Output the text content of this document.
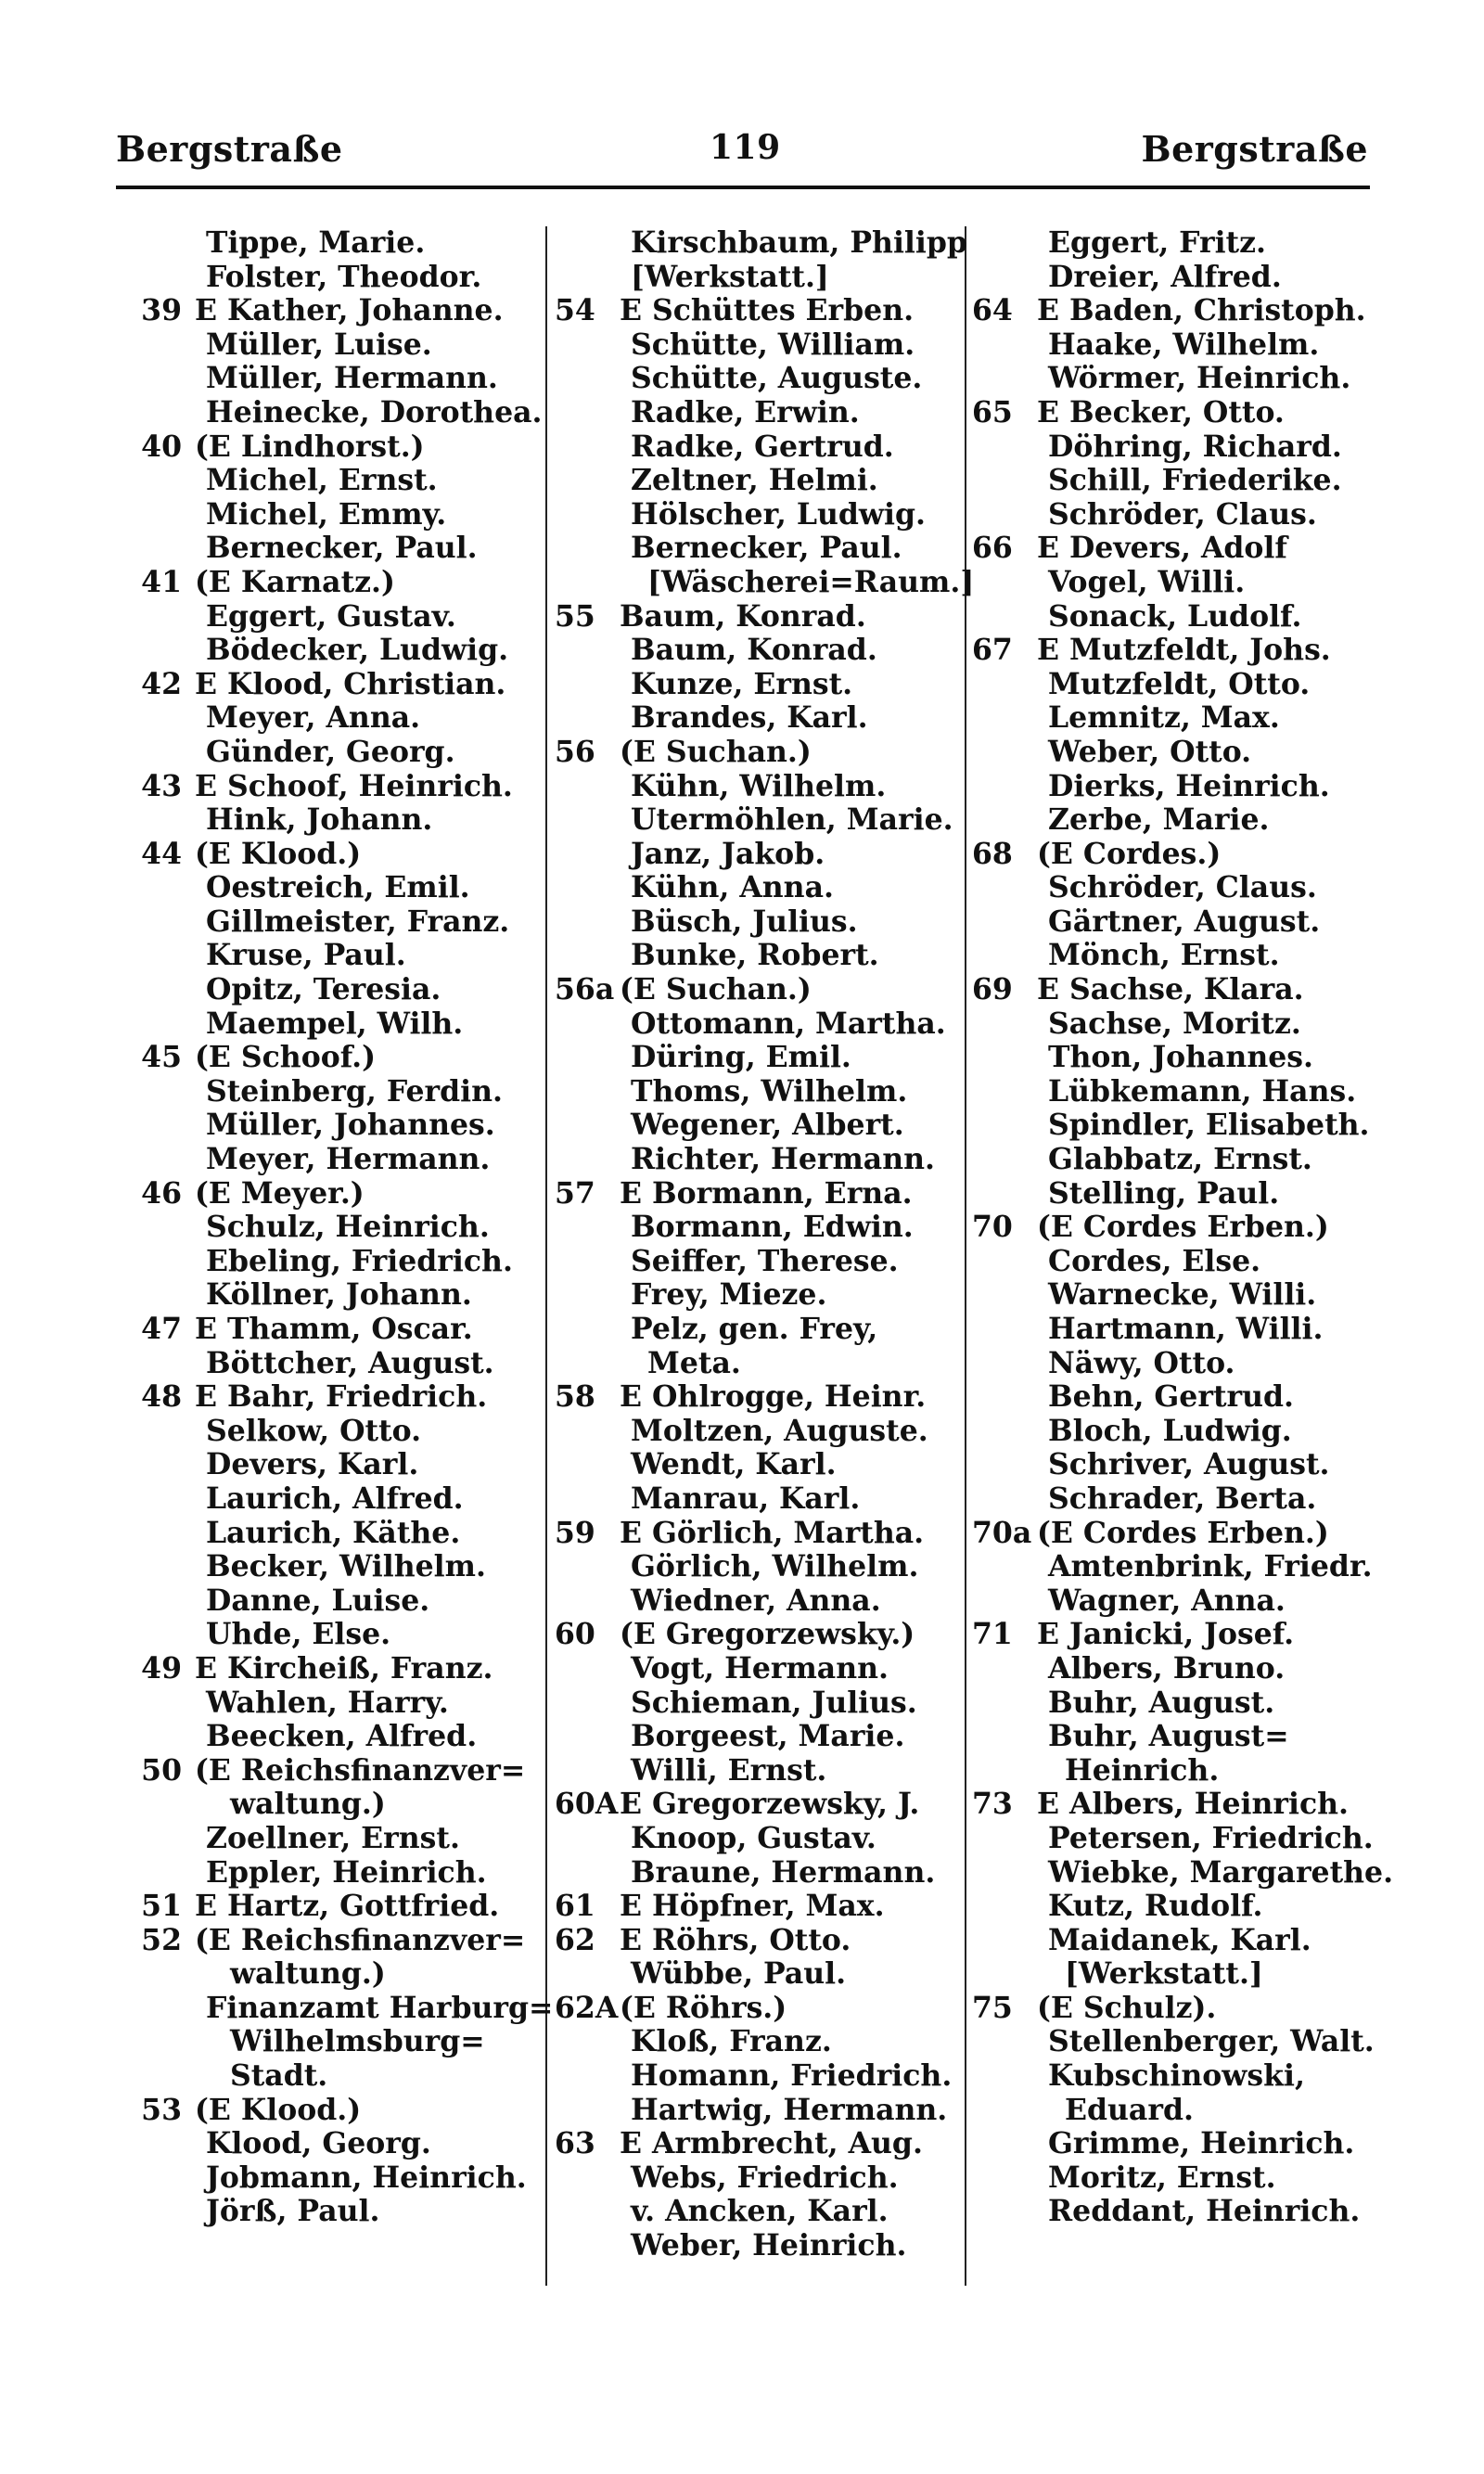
Bergstraße	119	Bergstraße
Tippe, Marie.
Folster, Theodor.
39 E Kather, Johanne.
Müller, Luise.
Müller, Hermann.
Heinecke, Dorothea.
40 (E Lindhorst.)
Michel, Ernst.
Michel, Emmy.
Bernecker, Paul.
41 (E Karnatz.)
Eggert, Gustav.
Bödecker, Ludwig.
42 E Klood, Christian.
Meyer, Anna.
Günder, Georg.
43 E Schoof, Heinrich.
Hink, Johann.
44 (E Klood.)
Oestreich, Emil.
Gillmeister, Franz.
Kruse, Paul.
Opitz, Teresia.
Maempel, Wilh.
45 (E Schoof.)
Steinberg, Ferdin.
Müller, Johannes.
Meyer, Hermann.
46 (E Meyer.)
Schulz, Heinrich.
Ebeling, Friedrich.
Köllner, Johann.
47 E Thamm, Oscar.
Böttcher, August.
48 E Bahr, Friedrich.
Selkow, Otto.
Devers, Karl.
Laurich, Alfred.
Laurich, Käthe.
Becker, Wilhelm.
Danne, Luise.
Uhde, Else.
49 E Kircheiß, Franz.
Wahlen, Harry.
Beecken, Alfred.
50 (E Reichsfinanzver=
waltung.)
Zoellner, Ernst.
Eppler, Heinrich.
51 E Hartz, Gottfried.
52 (E Reichsfinanzver=
waltung.)
Finanzamt Harburg=
Wilhelmsburg=
Stadt.
53 (E Klood.)
Klood, Georg.
Jobmann, Heinrich.
Jörß, Paul.
Kirschbaum, Philipp
[Werkstatt.]
54 E Schüttes Erben.
Schütte, William.
Schütte, Auguste.
Radke, Erwin.
Radke, Gertrud.
Zeltner, Helmi.
Hölscher, Ludwig.
Bernecker, Paul.
[Wäscherei=Raum.]
55 Baum, Konrad.
Baum, Konrad.
Kunze, Ernst.
Brandes, Karl.
56 (E Suchan.)
Kühn, Wilhelm.
Utermöhlen, Marie.
Janz, Jakob.
Kühn, Anna.
Büsch, Julius.
Bunke, Robert.
56a (E Suchan.)
Ottomann, Martha.
Düring, Emil.
Thoms, Wilhelm.
Wegener, Albert.
Richter, Hermann.
57 E Bormann, Erna.
Bormann, Edwin.
Seiffer, Therese.
Frey, Mieze.
Pelz, gen. Frey,
Meta.
58 E Ohlrogge, Heinr.
Moltzen, Auguste.
Wendt, Karl.
Manrau, Karl.
59 E Görlich, Martha.
Görlich, Wilhelm.
Wiedner, Anna.
60 (E Gregorzewsky.)
Vogt, Hermann.
Schieman, Julius.
Borgeest, Marie.
Willi, Ernst.
60A E Gregorzewsky, J.
Knoop, Gustav.
Braune, Hermann.
61 E Höpfner, Max.
62 E Röhrs, Otto.
Wübbe, Paul.
62A (E Röhrs.)
Kloß, Franz.
Homann, Friedrich.
Hartwig, Hermann.
63 E Armbrecht, Aug.
Webs, Friedrich.
v. Ancken, Karl.
Weber, Heinrich.
Eggert, Fritz.
Dreier, Alfred.
64 E Baden, Christoph.
Haake, Wilhelm.
Wörmer, Heinrich.
65 E Becker, Otto.
Döhring, Richard.
Schill, Friederike.
Schröder, Claus.
66 E Devers, Adolf
Vogel, Willi.
Sonack, Ludolf.
67 E Mutzfeldt, Johs.
Mutzfeldt, Otto.
Lemnitz, Max.
Weber, Otto.
Dierks, Heinrich.
Zerbe, Marie.
68 (E Cordes.)
Schröder, Claus.
Gärtner, August.
Mönch, Ernst.
69 E Sachse, Klara.
Sachse, Moritz.
Thon, Johannes.
Lübkemann, Hans.
Spindler, Elisabeth.
Glabbatz, Ernst.
Stelling, Paul.
70 (E Cordes Erben.)
Cordes, Else.
Warnecke, Willi.
Hartmann, Willi.
Näwy, Otto.
Behn, Gertrud.
Bloch, Ludwig.
Schriver, August.
Schrader, Berta.
70a (E Cordes Erben.)
Amtenbrink, Friedr.
Wagner, Anna.
71 E Janicki, Josef.
Albers, Bruno.
Buhr, August.
Buhr, August=
Heinrich.
73 E Albers, Heinrich.
Petersen, Friedrich.
Wiebke, Margarethe.
Kutz, Rudolf.
Maidanek, Karl.
[Werkstatt.]
75 (E Schulz).
Stellenberger, Walt.
Kubschinowski,
Eduard.
Grimme, Heinrich.
Moritz, Ernst.
Reddant, Heinrich.
